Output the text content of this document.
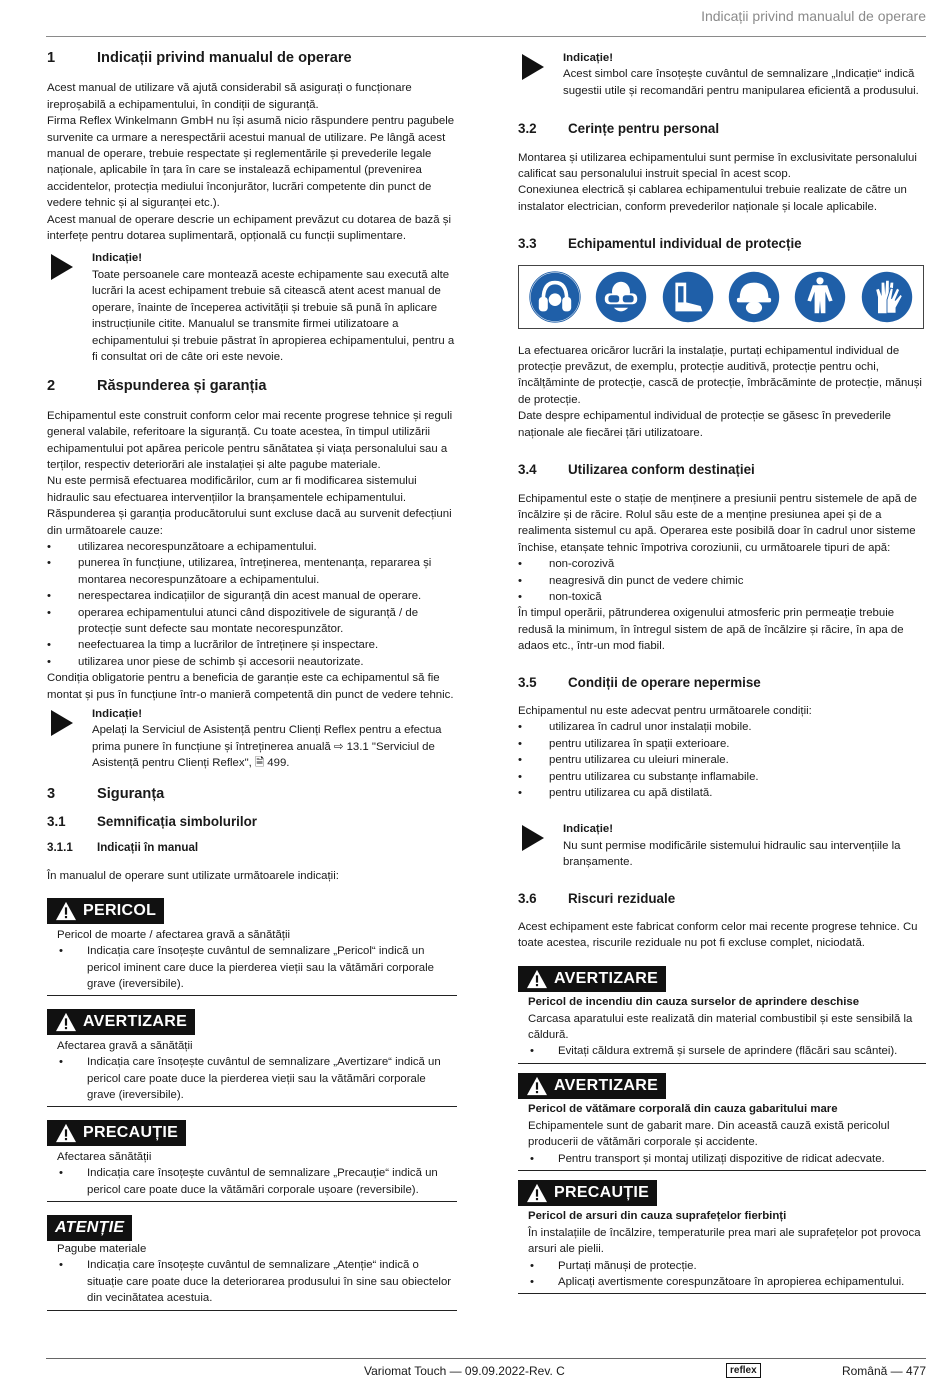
Indicații privind manualul de operare
1	Indicații privind manualul de operare

Acest manual de utilizare vă ajută considerabil să asigurați o funcționare ireproșabilă a echipamentului, în condiții de siguranță.

Firma Reflex Winkelmann GmbH nu își asumă nicio răspundere pentru pagubele survenite ca urmare a nerespectării acestui manual de utilizare. Pe lângă acest manual de operare, trebuie respectate și reglementările și prevederile legale naționale, aplicabile în țara în care se instalează echipamentul (prevenirea accidentelor, protecția mediului înconjurător, lucrări competente din punct de vedere tehnic și al siguranței etc.).

Acest manual de operare descrie un echipament prevăzut cu dotarea de bază și interfețe pentru dotarea suplimentară, opțională cu funcții suplimentare.

Indicație!
Toate persoanele care montează aceste echipamente sau execută alte lucrări la acest echipament trebuie să citească atent acest manual de operare, înainte de începerea activității și trebuie să pună în aplicare instrucțiunile citite. Manualul se transmite firmei utilizatoare a echipamentului și trebuie păstrat în apropierea echipamentului, pentru a fi consultat ori de câte ori este nevoie.
2	Răspunderea și garanția

Echipamentul este construit conform celor mai recente progrese tehnice și reguli general valabile, referitoare la siguranță. Cu toate acestea, în timpul utilizării echipamentului pot apărea pericole pentru sănătatea și viața personalului sau a terților, respectiv deteriorări ale instalației și alte pagube materiale.

Nu este permisă efectuarea modificărilor, cum ar fi modificarea sistemului hidraulic sau efectuarea intervențiilor la branșamentele echipamentului.

Răspunderea și garanția producătorului sunt excluse dacă au survenit defecțiuni din următoarele cauze:

• utilizarea necorespunzătoare a echipamentului.
• punerea în funcțiune, utilizarea, întreținerea, mentenanța, repararea și montarea necorespunzătoare a echipamentului.
• nerespectarea indicațiilor de siguranță din acest manual de operare.
• operarea echipamentului atunci când dispozitivele de siguranță / de protecție sunt defecte sau montate necorespunzător.
• neefectuarea la timp a lucrărilor de întreținere și inspectare.
• utilizarea unor piese de schimb și accesorii neautorizate.

Condiția obligatorie pentru a beneficia de garanție este ca echipamentul să fie montat și pus în funcțiune într-o manieră competentă din punct de vedere tehnic.

Indicație!
Apelați la Serviciul de Asistență pentru Clienți Reflex pentru a efectua prima punere în funcțiune și întreținerea anuală ⇨ 13.1 "Serviciul de Asistență pentru Clienți Reflex", 🗎 499.
3	Siguranța
3.1	Semnificația simbolurilor
3.1.1	Indicații în manual

În manualul de operare sunt utilizate următoarele indicații:

PERICOL
Pericol de moarte / afectarea gravă a sănătății
• Indicația care însoțește cuvântul de semnalizare „Pericol“ indică un pericol iminent care duce la pierderea vieții sau la vătămări corporale grave (ireversibile).
AVERTIZARE
Afectarea gravă a sănătății
• Indicația care însoțește cuvântul de semnalizare „Avertizare“ indică un pericol care poate duce la pierderea vieții sau la vătămări corporale grave (ireversibile).
PRECAUȚIE
Afectarea sănătății
• Indicația care însoțește cuvântul de semnalizare „Precauție“ indică un pericol care poate duce la vătămări corporale ușoare (reversibile).
ATENȚIE
Pagube materiale
• Indicația care însoțește cuvântul de semnalizare „Atenție“ indică o situație care poate duce la deteriorarea produsului în sine sau obiectelor din vecinătatea acestuia.
Indicație!
Acest simbol care însoțește cuvântul de semnalizare „Indicație“ indică sugestii utile și recomandări pentru manipularea eficientă a produsului.
3.2	Cerințe pentru personal

Montarea și utilizarea echipamentului sunt permise în exclusivitate personalului calificat sau personalului instruit special în acest scop.

Conexiunea electrică și cablarea echipamentului trebuie realizate de către un instalator electrician, conform prevederilor naționale și locale aplicabile.

3.3	Echipamentul individual de protecție

La efectuarea oricăror lucrări la instalație, purtați echipamentul individual de protecție prevăzut, de exemplu, protecție auditivă, protecție pentru ochi, încălțăminte de protecție, cască de protecție, îmbrăcăminte de protecție, mănuși de protecție.

Date despre echipamentul individual de protecție se găsesc în prevederile naționale ale fiecărei țări utilizatoare.

3.4	Utilizarea conform destinației

Echipamentul este o stație de menținere a presiunii pentru sistemele de apă de încălzire și de răcire. Rolul său este de a menține presiunea apei și de a realimenta sistemul cu apă. Operarea este posibilă doar în cadrul unor sisteme închise, etanșate tehnic împotriva coroziunii, cu următoarele tipuri de apă:

• non-corozivă
• neagresivă din punct de vedere chimic
• non-toxică

În timpul operării, pătrunderea oxigenului atmosferic prin permeație trebuie redusă la minimum, în întregul sistem de apă de încălzire și răcire, în apa de adaos etc., într-un mod fiabil.

3.5	Condiții de operare nepermise

Echipamentul nu este adecvat pentru următoarele condiții:

• utilizarea în cadrul unor instalații mobile.
• pentru utilizarea în spații exterioare.
• pentru utilizarea cu uleiuri minerale.
• pentru utilizarea cu substanțe inflamabile.
• pentru utilizarea cu apă distilată.
Indicație!
Nu sunt permise modificările sistemului hidraulic sau intervențiile la branșamente.
3.6	Riscuri reziduale

Acest echipament este fabricat conform celor mai recente progrese tehnice. Cu toate acestea, riscurile reziduale nu pot fi excluse complet, niciodată.

AVERTIZARE
Pericol de incendiu din cauza surselor de aprindere deschise
Carcasa aparatului este realizată din material combustibil și este sensibilă la căldură.
• Evitați căldura extremă și sursele de aprindere (flăcări sau scântei).
AVERTIZARE
Pericol de vătămare corporală din cauza gabaritului mare
Echipamentele sunt de gabarit mare. Din această cauză există pericolul producerii de vătămări corporale și accidente.
• Pentru transport și montaj utilizați dispozitive de ridicat adecvate.
PRECAUȚIE
Pericol de arsuri din cauza suprafețelor fierbinți
În instalațiile de încălzire, temperaturile prea mari ale suprafețelor pot provoca arsuri ale pielii.
• Purtați mănuși de protecție.
• Aplicați avertismente corespunzătoare în apropierea echipamentului.
Variomat Touch — 09.09.2022-Rev. C	reflex	Română — 477
